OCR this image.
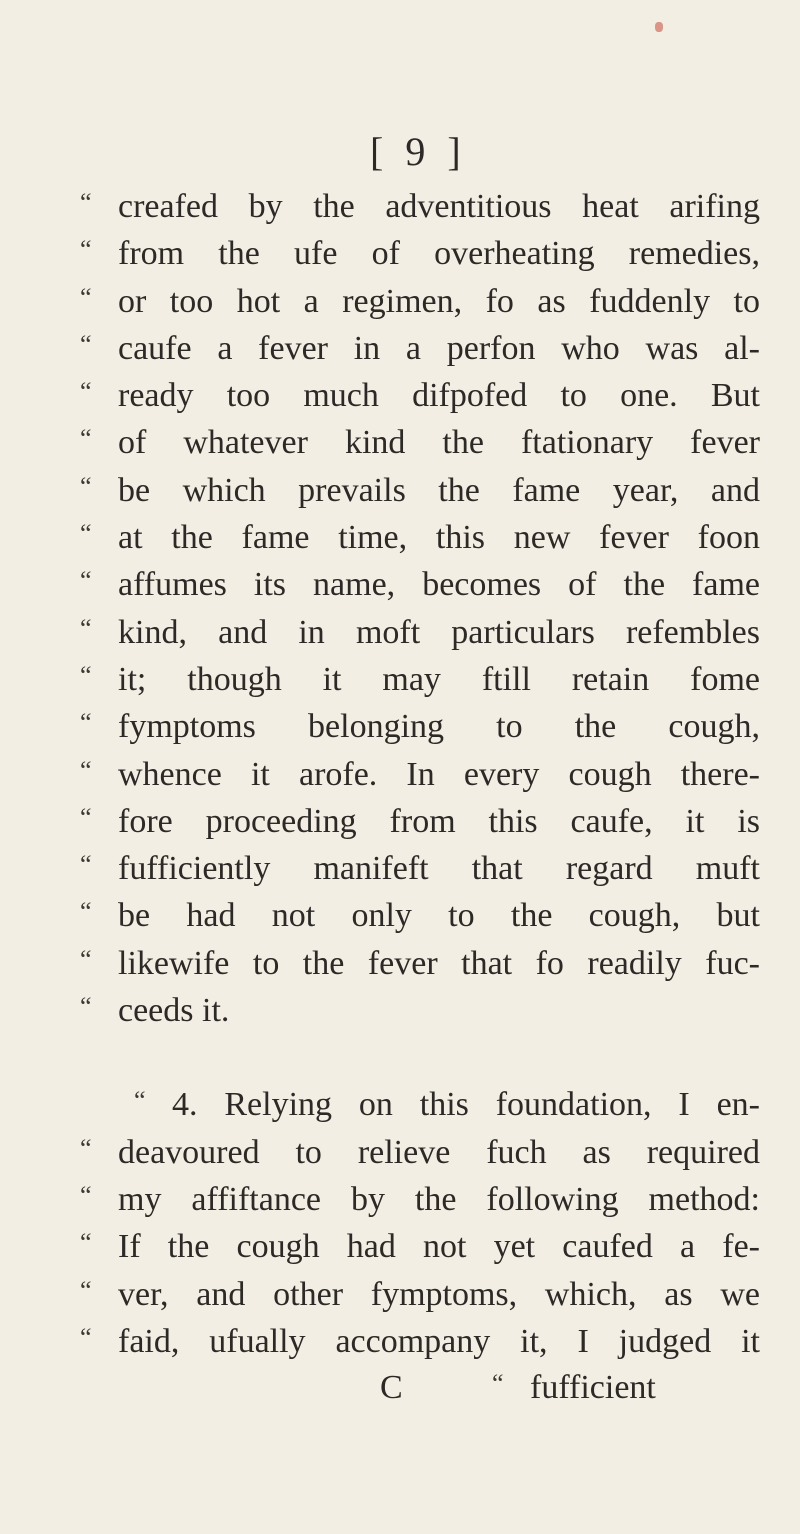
[ 9 ]
“ creafed by the adventitious heat arifing
“ from the ufe of overheating remedies,
“ or too hot a regimen, fo as fuddenly to
“ caufe a fever in a perfon who was al-
“ ready too much difpofed to one. But
“ of whatever kind the ftationary fever
“ be which prevails the fame year, and
“ at the fame time, this new fever foon
“ affumes its name, becomes of the fame
“ kind, and in moft particulars refembles
“ it; though it may ftill retain fome
“ fymptoms belonging to the cough,
“ whence it arofe. In every cough there-
“ fore proceeding from this caufe, it is
“ fufficiently manifeft that regard muft
“ be had not only to the cough, but
“ likewife to the fever that fo readily fuc-
“ ceeds it.
“ 4. Relying on this foundation, I en-
“ deavoured to relieve fuch as required
“ my affiftance by the following method:
“ If the cough had not yet caufed a fe-
“ ver, and other fymptoms, which, as we
“ faid, ufually accompany it, I judged it
C	“ fufficient
